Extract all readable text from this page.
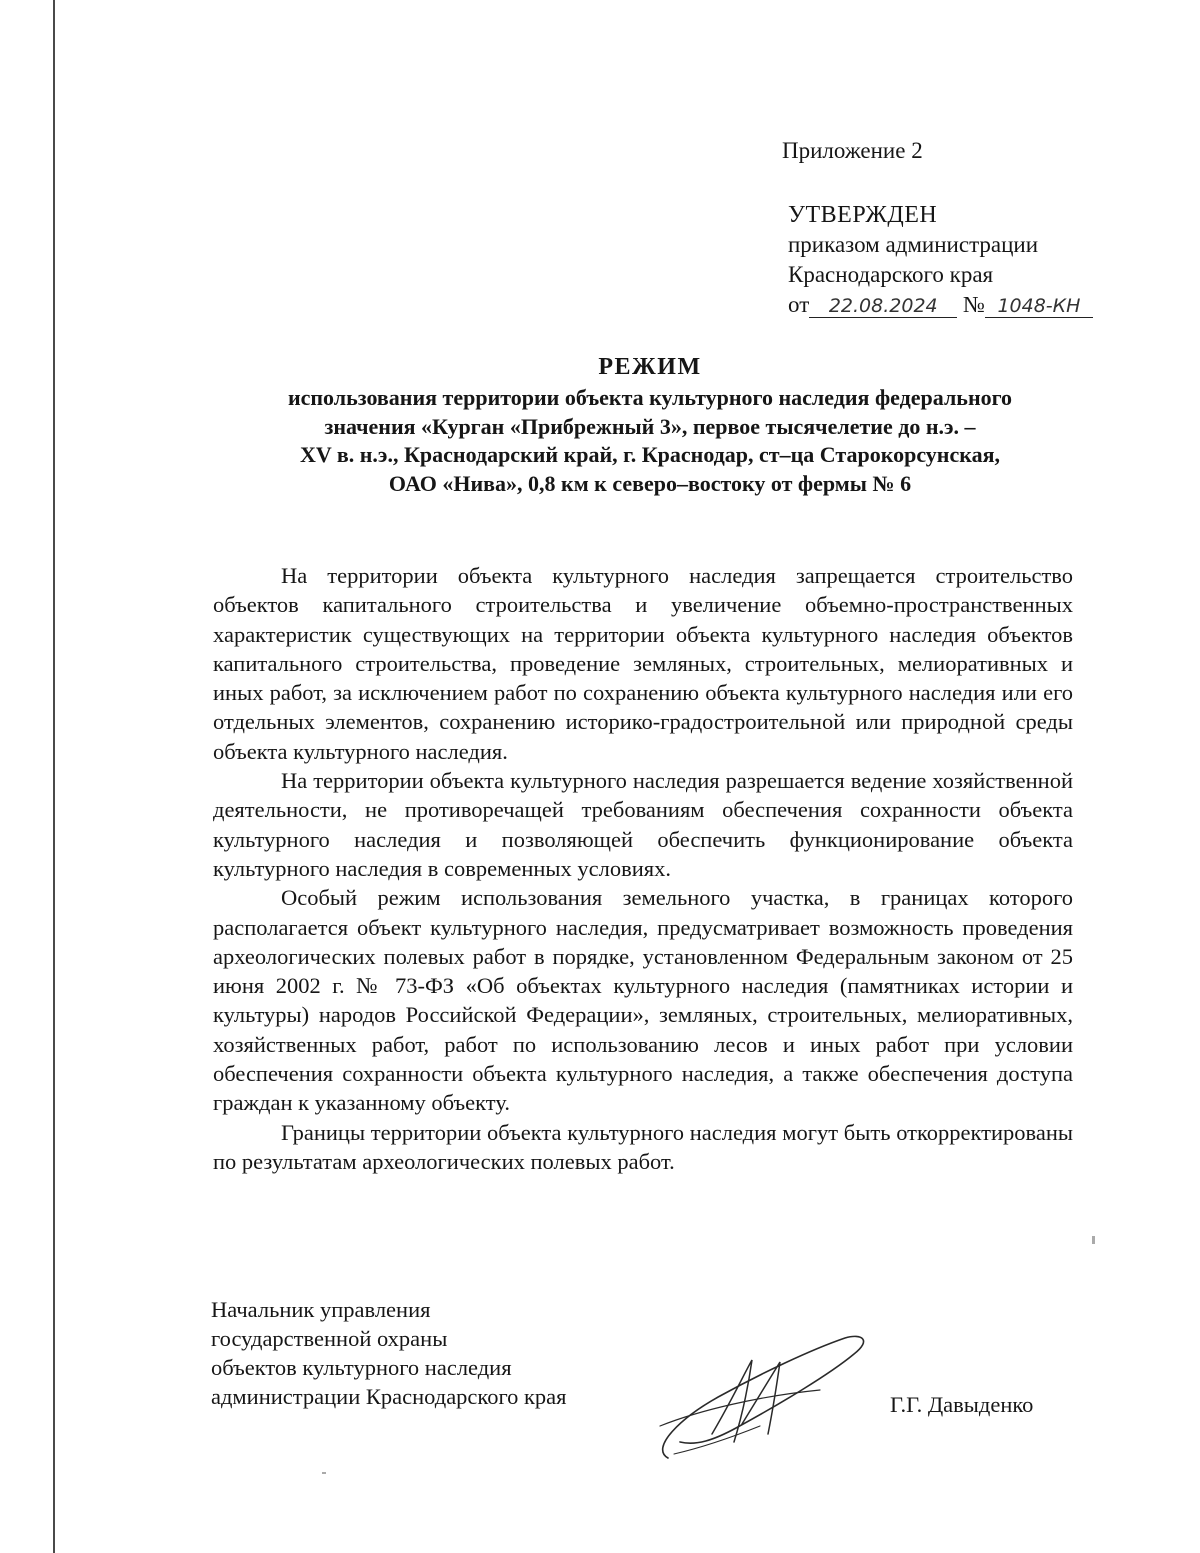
Приложение 2
УТВЕРЖДЕН
приказом администрации
Краснодарского края
от 22.08.2024 № 1048-КН
РЕЖИМ
использования территории объекта культурного наследия федерального
значения «Курган «Прибрежный 3», первое тысячелетие до н.э. –
XV в. н.э., Краснодарский край, г. Краснодар, ст–ца Старокорсунская,
ОАО «Нива», 0,8 км к северо–востоку от фермы № 6

На территории объекта культурного наследия запрещается строительство объектов капитального строительства и увеличение объемно-пространственных характеристик существующих на территории объекта культурного наследия объектов капитального строительства, проведение земляных, строительных, мелиоративных и иных работ, за исключением работ по сохранению объекта культурного наследия или его отдельных элементов, сохранению историко-градостроительной или природной среды объекта культурного наследия.

На территории объекта культурного наследия разрешается ведение хозяйственной деятельности, не противоречащей требованиям обеспечения сохранности объекта культурного наследия и позволяющей обеспечить функционирование объекта культурного наследия в современных условиях.

Особый режим использования земельного участка, в границах которого располагается объект культурного наследия, предусматривает возможность проведения археологических полевых работ в порядке, установленном Федеральным законом от 25 июня 2002 г. № 73-ФЗ «Об объектах культурного наследия (памятниках истории и культуры) народов Российской Федерации», земляных, строительных, мелиоративных, хозяйственных работ, работ по использованию лесов и иных работ при условии обеспечения сохранности объекта культурного наследия, а также обеспечения доступа граждан к указанному объекту.

Границы территории объекта культурного наследия могут быть откорректированы по результатам археологических полевых работ.

Начальник управления
государственной охраны
объектов культурного наследия
администрации Краснодарского края	Г.Г. Давыденко
